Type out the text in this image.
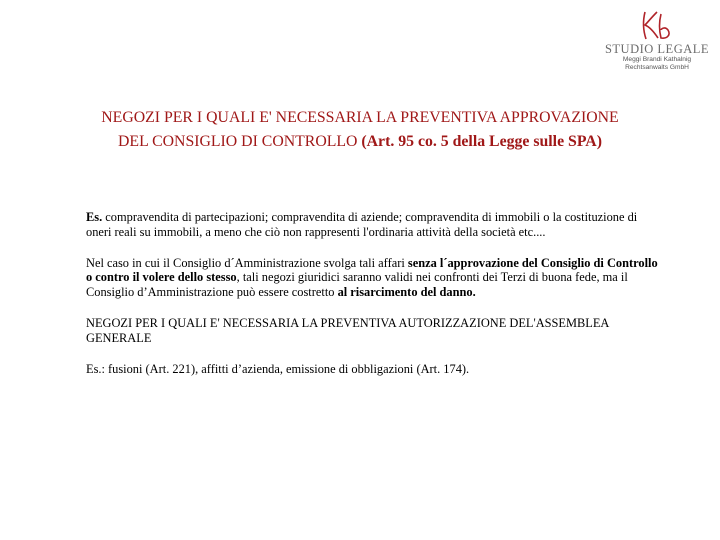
STUDIO LEGALE
Meggi Brandi Kathalnig
Rechtsanwalts GmbH
NEGOZI PER I QUALI E' NECESSARIA LA PREVENTIVA APPROVAZIONE
DEL CONSIGLIO DI CONTROLLO (Art. 95 co. 5 della Legge sulle SPA)

Es. compravendita di partecipazioni; compravendita di aziende; compravendita di immobili o la costituzione di oneri reali su immobili, a meno che ciò non rappresenti l'ordinaria attività della società etc....

Nel caso in cui il Consiglio d´Amministrazione svolga tali affari senza l´approvazione del Consiglio di Controllo o contro il volere dello stesso, tali negozi giuridici saranno validi nei confronti dei Terzi di buona fede, ma il Consiglio d’Amministrazione può essere costretto al risarcimento del danno.

NEGOZI PER I QUALI E' NECESSARIA LA PREVENTIVA AUTORIZZAZIONE DEL'ASSEMBLEA GENERALE

Es.: fusioni (Art. 221), affitti d’azienda, emissione di obbligazioni (Art. 174).
